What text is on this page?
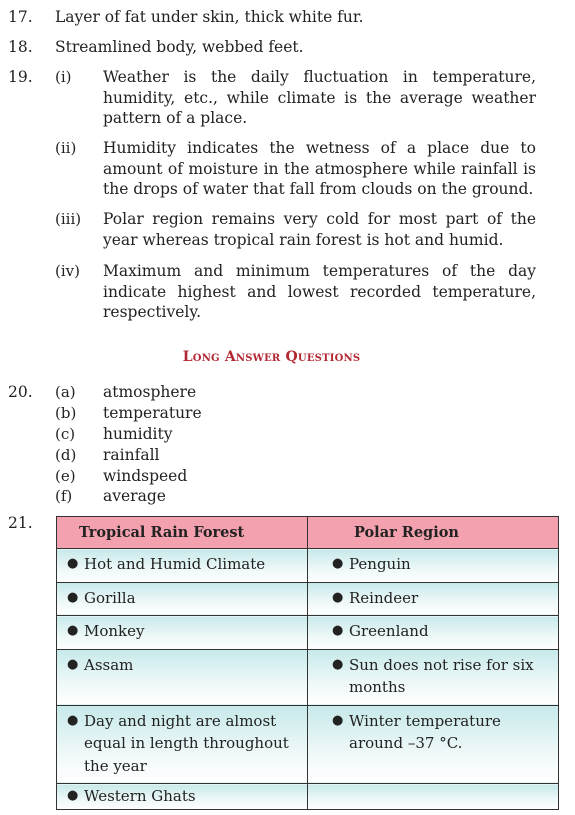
17. Layer of fat under skin, thick white fur.
18. Streamlined body, webbed feet.
19. (i) Weather is the daily fluctuation in temperature, humidity, etc., while climate is the average weather pattern of a place.
(ii) Humidity indicates the wetness of a place due to amount of moisture in the atmosphere while rainfall is the drops of water that fall from clouds on the ground.
(iii) Polar region remains very cold for most part of the year whereas tropical rain forest is hot and humid.
(iv) Maximum and minimum temperatures of the day indicate highest and lowest recorded temperature, respectively.
Long Answer Questions
20. (a) atmosphere
(b) temperature
(c) humidity
(d) rainfall
(e) windspeed
(f) average
21.
Tropical Rain Forest	Polar Region

● Hot and Humid Climate	● Penguin

● Gorilla	● Reindeer

● Monkey	● Greenland

● Assam	● Sun does not rise for six months

● Day and night are almost equal in length throughout the year	● Winter temperature around –37 °C.

● Western Ghats	
